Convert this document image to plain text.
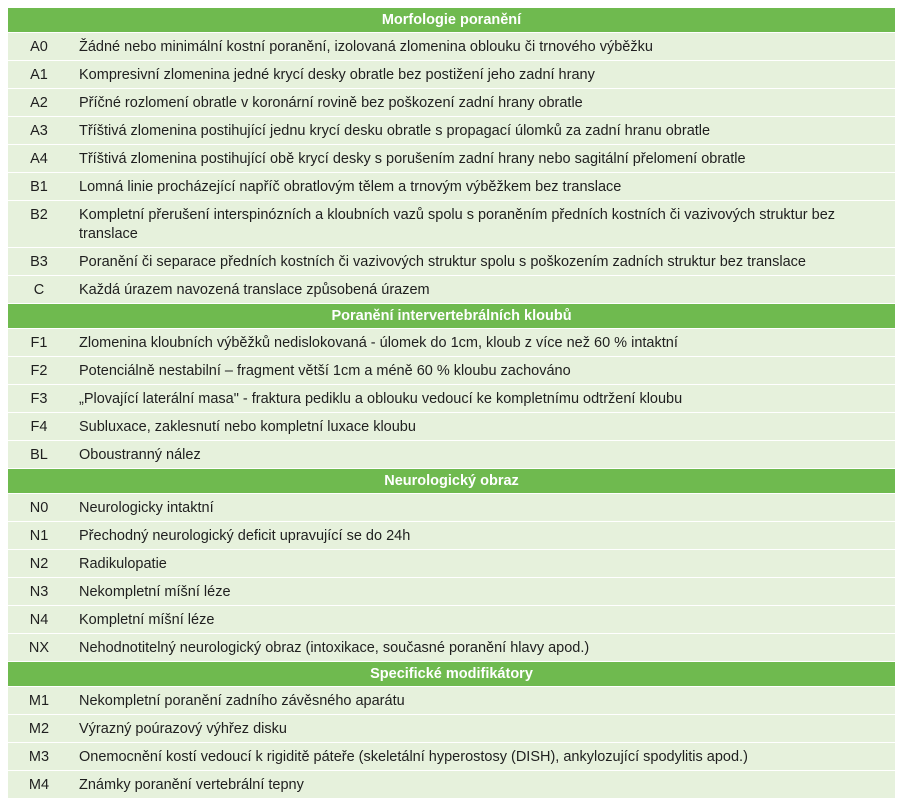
Morfologie poranění	
A0	Žádné nebo minimální kostní poranění, izolovaná zlomenina oblouku či trnového výběžku
A1	Kompresivní zlomenina jedné krycí desky obratle bez postižení jeho zadní hrany
A2	Příčné rozlomení obratle v koronární rovině bez poškození zadní hrany obratle
A3	Tříštivá zlomenina postihující jednu krycí desku obratle s propagací úlomků za zadní hranu obratle
A4	Tříštivá zlomenina postihující obě krycí desky s porušením zadní hrany nebo sagitální přelomení obratle
B1	Lomná linie procházející napříč obratlovým tělem a trnovým výběžkem bez translace
B2	Kompletní přerušení interspinózních a kloubních vazů spolu s poraněním předních kostních či vazivových struktur bez translace
B3	Poranění či separace předních kostních či vazivových struktur spolu s poškozením zadních struktur bez translace
C	Každá úrazem navozená translace způsobená úrazem
Poranění intervertebrálních kloubů	
F1	Zlomenina kloubních výběžků nedislokovaná - úlomek do 1cm, kloub z více než 60 % intaktní
F2	Potenciálně nestabilní – fragment větší 1cm a méně 60 % kloubu zachováno
F3	„Plovající laterální masa" - fraktura pediklu a oblouku vedoucí ke kompletnímu odtržení kloubu
F4	Subluxace, zaklesnutí nebo kompletní luxace kloubu
BL	Oboustranný nález
Neurologický obraz	
N0	Neurologicky intaktní
N1	Přechodný neurologický deficit upravující se do 24h
N2	Radikulopatie
N3	Nekompletní míšní léze
N4	Kompletní míšní léze
NX	Nehodnotitelný neurologický obraz (intoxikace, současné poranění hlavy apod.)
Specifické modifikátory	
M1	Nekompletní poranění zadního závěsného aparátu
M2	Výrazný poúrazový výhřez disku
M3	Onemocnění kostí vedoucí k rigiditě páteře (skeletální hyperostosy (DISH), ankylozující spodylitis apod.)
M4	Známky poranění vertebrální tepny
